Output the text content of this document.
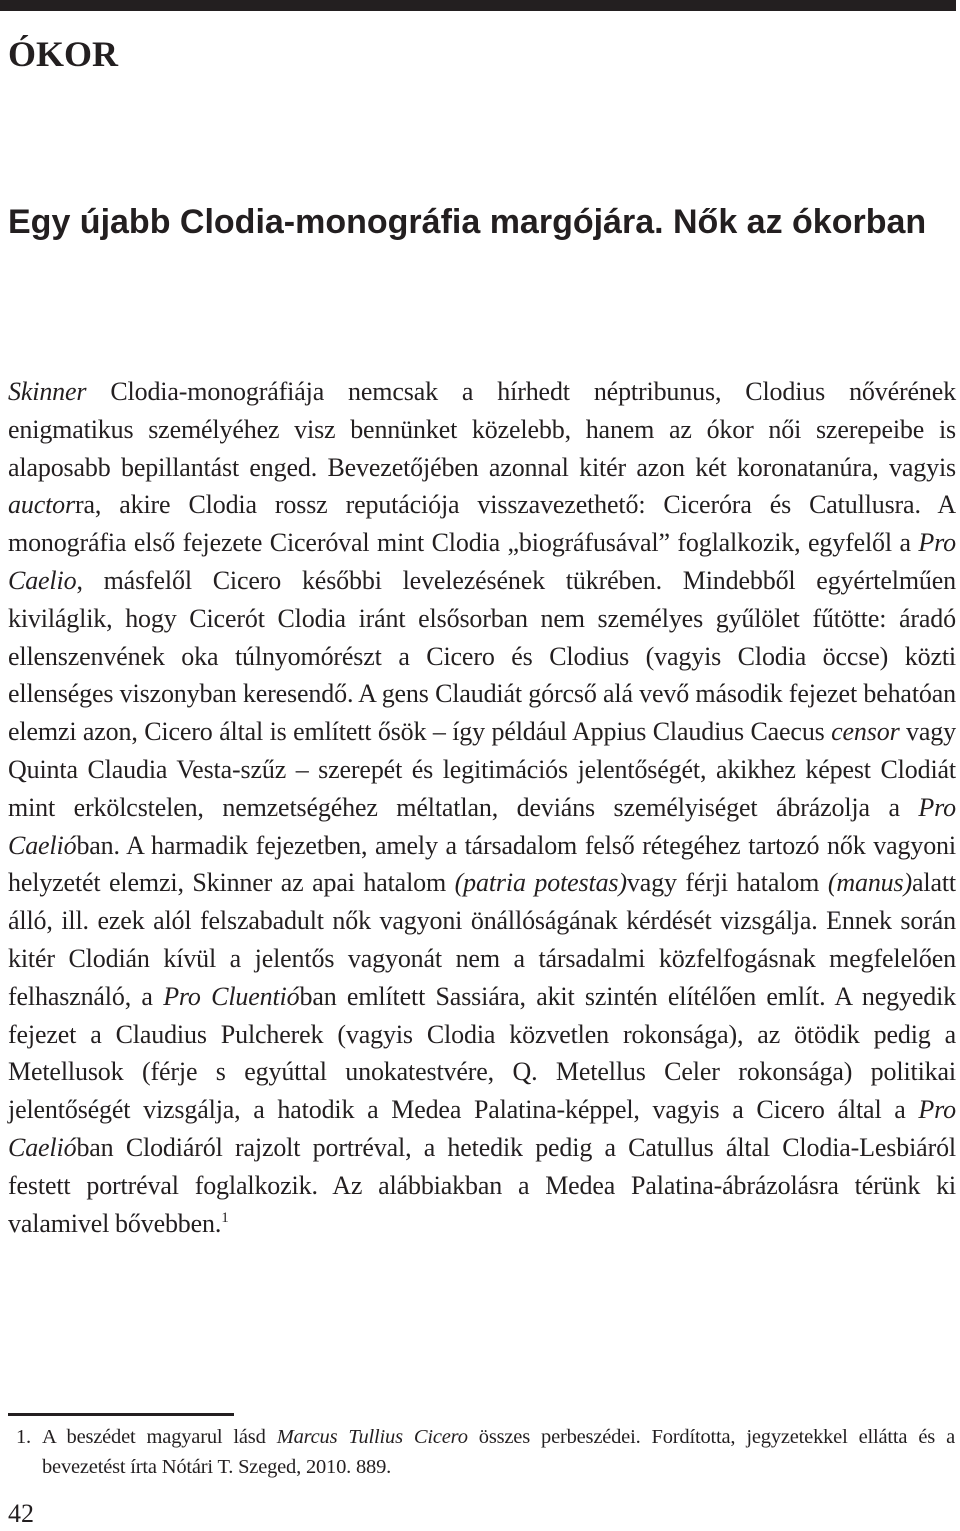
ÓKOR
Egy újabb Clodia-monográfia margójára. Nők az ókorban

Skinner Clodia-monográfiája nemcsak a hírhedt néptribunus, Clodius nővérének enigmatikus személyéhez visz bennünket közelebb, hanem az ókor női szerepeibe is alaposabb bepillantást enged. Bevezetőjében azonnal kitér azon két koronatanúra, vagyis auctorra, akire Clodia rossz reputációja visszavezethető: Ciceróra és Catullusra. A monográfia első fejezete Ciceróval mint Clodia „biográfusával” foglalkozik, egyfelől a Pro Caelio, másfelől Cicero későbbi levelezésének tükrében. Mindebből egyértelműen kiviláglik, hogy Cicerót Clodia iránt elsősorban nem személyes gyűlölet fűtötte: áradó ellenszenvének oka túlnyomórészt a Cicero és Clodius (vagyis Clodia öccse) közti ellenséges viszonyban keresendő. A gens Claudiát górcső alá vevő második fejezet behatóan elemzi azon, Cicero által is említett ősök – így például Appius Claudius Caecus censor vagy Quinta Claudia Vesta-szűz – szerepét és legitimációs jelentőségét, akikhez képest Clodiát mint erkölcstelen, nemzetségéhez méltatlan, deviáns személyiséget ábrázolja a Pro Caelióban. A harmadik fejezetben, amely a társadalom felső rétegéhez tartozó nők vagyoni helyzetét elemzi, Skinner az apai hatalom (patria potestas)vagy férji hatalom (manus)alatt álló, ill. ezek alól felszabadult nők vagyoni önállóságának kérdését vizsgálja. Ennek során kitér Clodián kívül a jelentős vagyonát nem a társadalmi közfelfogásnak megfelelően felhasználó, a Pro Cluentióban említett Sassiára, akit szintén elítélően említ. A negyedik fejezet a Claudius Pulcherek (vagyis Clodia közvetlen rokonsága), az ötödik pedig a Metellusok (férje s egyúttal unokatestvére, Q. Metellus Celer rokonsága) politikai jelentőségét vizsgálja, a hatodik a Medea Palatina-képpel, vagyis a Cicero által a Pro Caelióban Clodiáról rajzolt portréval, a hetedik pedig a Catullus által Clodia-Lesbiáról festett portréval foglalkozik. Az alábbiakban a Medea Palatina-ábrázolásra térünk ki valamivel bővebben.$^1$

1. A beszédet magyarul lásd Marcus Tullius Cicero összes perbeszédei. Fordította, jegyzetekkel ellátta és a bevezetést írta Nótári T. Szeged, 2010. 889.

42
